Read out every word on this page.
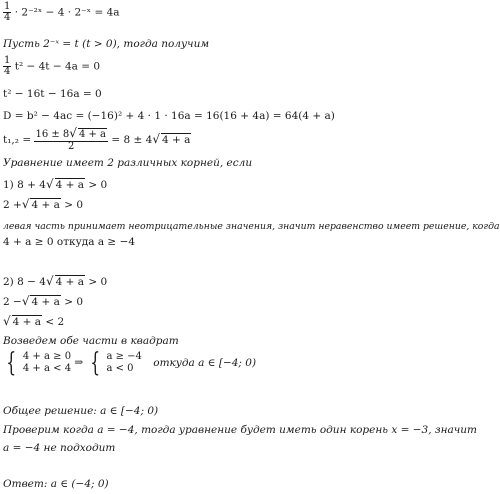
$\frac{1}{4}$ · 2⁻²ˣ − 4 · 2⁻ˣ = 4a
Пусть 2⁻ˣ = t (t > 0), тогда получим
$\frac{1}{4} t^2 - 4t - 4a = 0$
t² − 16t − 16a = 0
D = b² − 4ac = (−16)² + 4 · 1 · 16a = 16(16 + 4a) = 64(4 + a)
$t_1,_2 = \frac{16 \pm 8√ 4 + a}{2} = 8 \pm 4√$ 4 + a
Уравнение имеет 2 различных корней, если
1) 8 + 4√ 4 + a > 0
2 +√ 4 + a > 0
левая часть принимает неотрицательные значения, значит неравенство имеет решение, когда
4 + a ≥ 0 откуда a ≥ −4
2) 8 − 4√ 4 + a > 0
2 −√ 4 + a > 0
√ 4 + a < 2
Возведем обе части в квадрат
{ 4 + a ≥ 0
4 + a < 4 ⇒ { a ≥ −4
a < 0	откуда a ∈ [−4; 0)
Общее решение: a ∈ [−4; 0)
Проверим когда a = −4, тогда уравнение будет иметь один корень x = −3, значит
a = −4 не подходит
Ответ: a ∈ (−4; 0)
